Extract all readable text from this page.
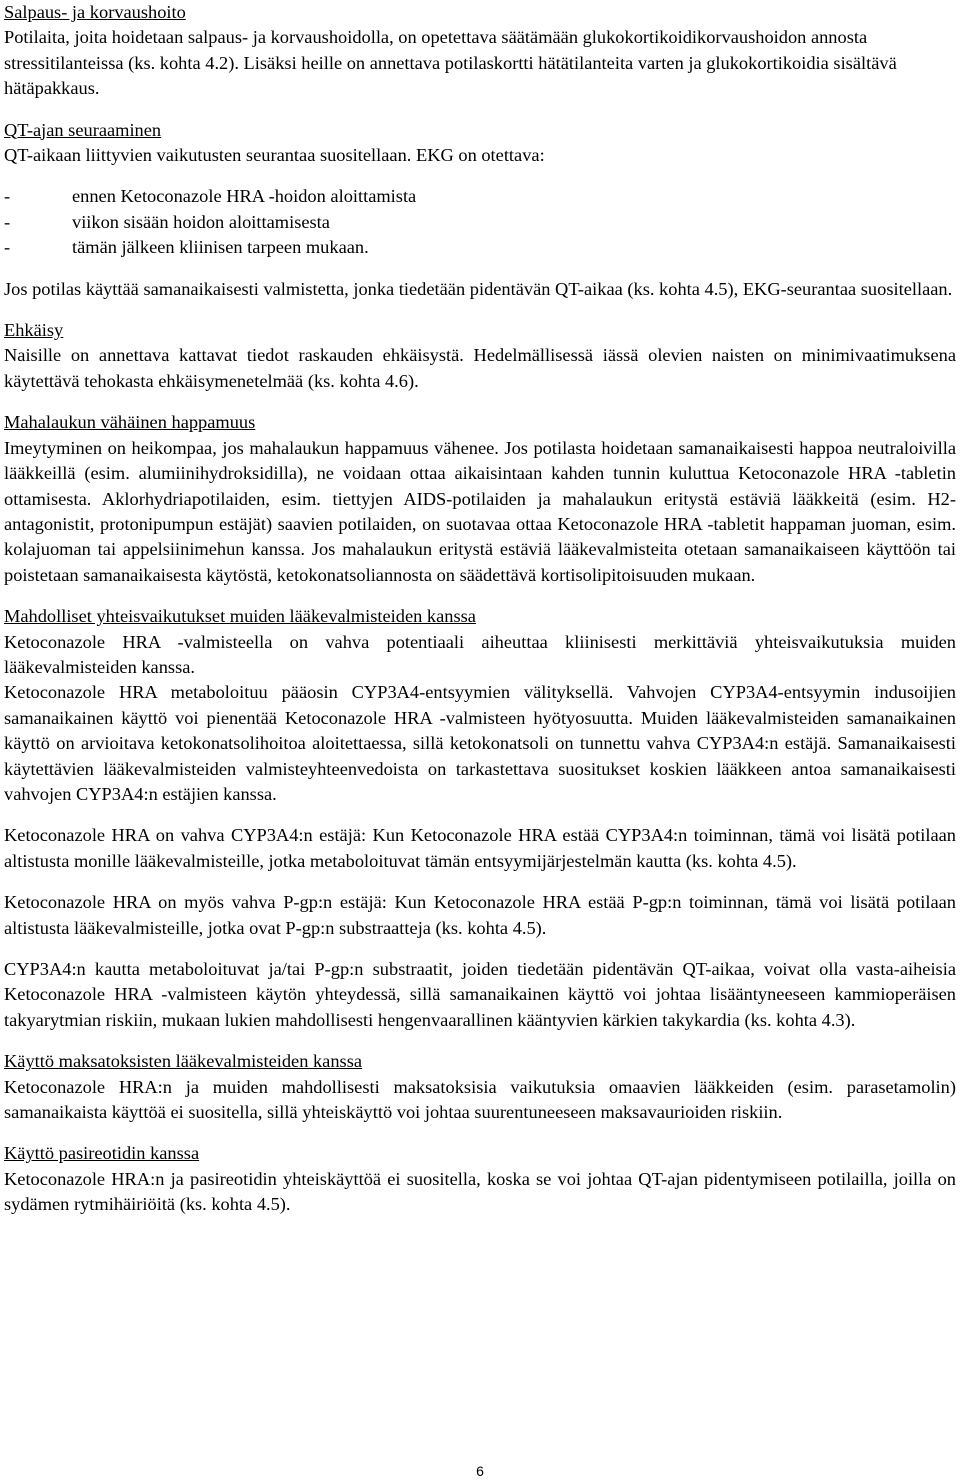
Salpaus- ja korvaushoito

Potilaita, joita hoidetaan salpaus- ja korvaushoidolla, on opetettava säätämään glukokortikoidikorvaushoidon annosta stressitilanteissa (ks. kohta 4.2). Lisäksi heille on annettava potilaskortti hätätilanteita varten ja glukokortikoidia sisältävä hätäpakkaus.

QT-ajan seuraaminen

QT-aikaan liittyvien vaikutusten seurantaa suositellaan. EKG on otettava:

-	ennen Ketoconazole HRA -hoidon aloittamista
-	viikon sisään hoidon aloittamisesta
-	tämän jälkeen kliinisen tarpeen mukaan.

Jos potilas käyttää samanaikaisesti valmistetta, jonka tiedetään pidentävän QT-aikaa (ks. kohta 4.5), EKG-seurantaa suositellaan.

Ehkäisy

Naisille on annettava kattavat tiedot raskauden ehkäisystä. Hedelmällisessä iässä olevien naisten on minimivaatimuksena käytettävä tehokasta ehkäisymenetelmää (ks. kohta 4.6).

Mahalaukun vähäinen happamuus

Imeytyminen on heikompaa, jos mahalaukun happamuus vähenee. Jos potilasta hoidetaan samanaikaisesti happoa neutraloivilla lääkkeillä (esim. alumiinihydroksidilla), ne voidaan ottaa aikaisintaan kahden tunnin kuluttua Ketoconazole HRA -tabletin ottamisesta. Aklorhydriapotilaiden, esim. tiettyjen AIDS-potilaiden ja mahalaukun eritystä estäviä lääkkeitä (esim. H2-antagonistit, protonipumpun estäjät) saavien potilaiden, on suotavaa ottaa Ketoconazole HRA -tabletit happaman juoman, esim. kolajuoman tai appelsiinimehun kanssa. Jos mahalaukun eritystä estäviä lääkevalmisteita otetaan samanaikaiseen käyttöön tai poistetaan samanaikaisesta käytöstä, ketokonatsoliannosta on säädettävä kortisolipitoisuuden mukaan.

Mahdolliset yhteisvaikutukset muiden lääkevalmisteiden kanssa

Ketoconazole HRA -valmisteella on vahva potentiaali aiheuttaa kliinisesti merkittäviä yhteisvaikutuksia muiden lääkevalmisteiden kanssa.

Ketoconazole HRA metaboloituu pääosin CYP3A4-entsyymien välityksellä. Vahvojen CYP3A4-entsyymin indusoijien samanaikainen käyttö voi pienentää Ketoconazole HRA -valmisteen hyötyosuutta. Muiden lääkevalmisteiden samanaikainen käyttö on arvioitava ketokonatsolihoitoa aloitettaessa, sillä ketokonatsoli on tunnettu vahva CYP3A4:n estäjä. Samanaikaisesti käytettävien lääkevalmisteiden valmisteyhteenvedoista on tarkastettava suositukset koskien lääkkeen antoa samanaikaisesti vahvojen CYP3A4:n estäjien kanssa.

Ketoconazole HRA on vahva CYP3A4:n estäjä: Kun Ketoconazole HRA estää CYP3A4:n toiminnan, tämä voi lisätä potilaan altistusta monille lääkevalmisteille, jotka metaboloituvat tämän entsyymijärjestelmän kautta (ks. kohta 4.5).

Ketoconazole HRA on myös vahva P-gp:n estäjä: Kun Ketoconazole HRA estää P-gp:n toiminnan, tämä voi lisätä potilaan altistusta lääkevalmisteille, jotka ovat P-gp:n substraatteja (ks. kohta 4.5).

CYP3A4:n kautta metaboloituvat ja/tai P-gp:n substraatit, joiden tiedetään pidentävän QT-aikaa, voivat olla vasta-aiheisia Ketoconazole HRA -valmisteen käytön yhteydessä, sillä samanaikainen käyttö voi johtaa lisääntyneeseen kammioperäisen takyarytmian riskiin, mukaan lukien mahdollisesti hengenvaarallinen kääntyvien kärkien takykardia (ks. kohta 4.3).

Käyttö maksatoksisten lääkevalmisteiden kanssa

Ketoconazole HRA:n ja muiden mahdollisesti maksatoksisia vaikutuksia omaavien lääkkeiden (esim. parasetamolin) samanaikaista käyttöä ei suositella, sillä yhteiskäyttö voi johtaa suurentuneeseen maksavaurioiden riskiin.

Käyttö pasireotidin kanssa

Ketoconazole HRA:n ja pasireotidin yhteiskäyttöä ei suositella, koska se voi johtaa QT-ajan pidentymiseen potilailla, joilla on sydämen rytmihäiriöitä (ks. kohta 4.5).

6
